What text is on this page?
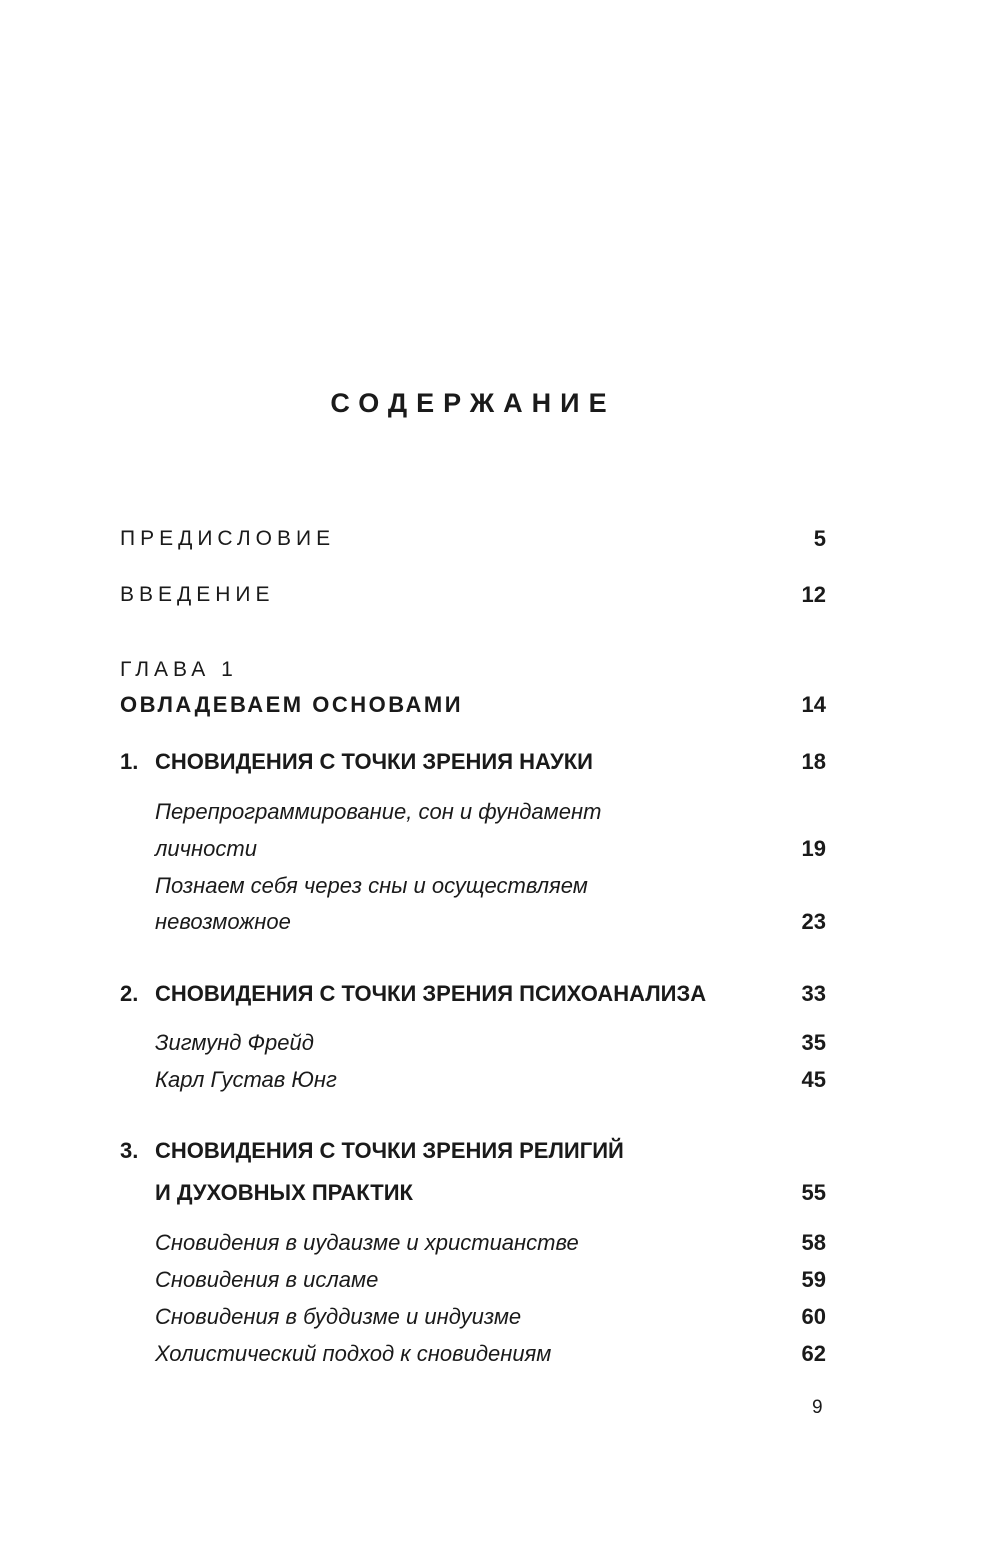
СОДЕРЖАНИЕ
ПРЕДИСЛОВИЕ	5
ВВЕДЕНИЕ	12
ГЛАВА 1
ОВЛАДЕВАЕМ ОСНОВАМИ	14
1. СНОВИДЕНИЯ С ТОЧКИ ЗРЕНИЯ НАУКИ	18
Перепрограммирование, сон и фундамент
личности	19
Познаем себя через сны и осуществляем
невозможное	23
2. СНОВИДЕНИЯ С ТОЧКИ ЗРЕНИЯ ПСИХОАНАЛИЗА	33
Зигмунд Фрейд	35
Карл Густав Юнг	45
3. СНОВИДЕНИЯ С ТОЧКИ ЗРЕНИЯ РЕЛИГИЙ
И ДУХОВНЫХ ПРАКТИК	55
Сновидения в иудаизме и христианстве	58
Сновидения в исламе	59
Сновидения в буддизме и индуизме	60
Холистический подход к сновидениям	62
9
